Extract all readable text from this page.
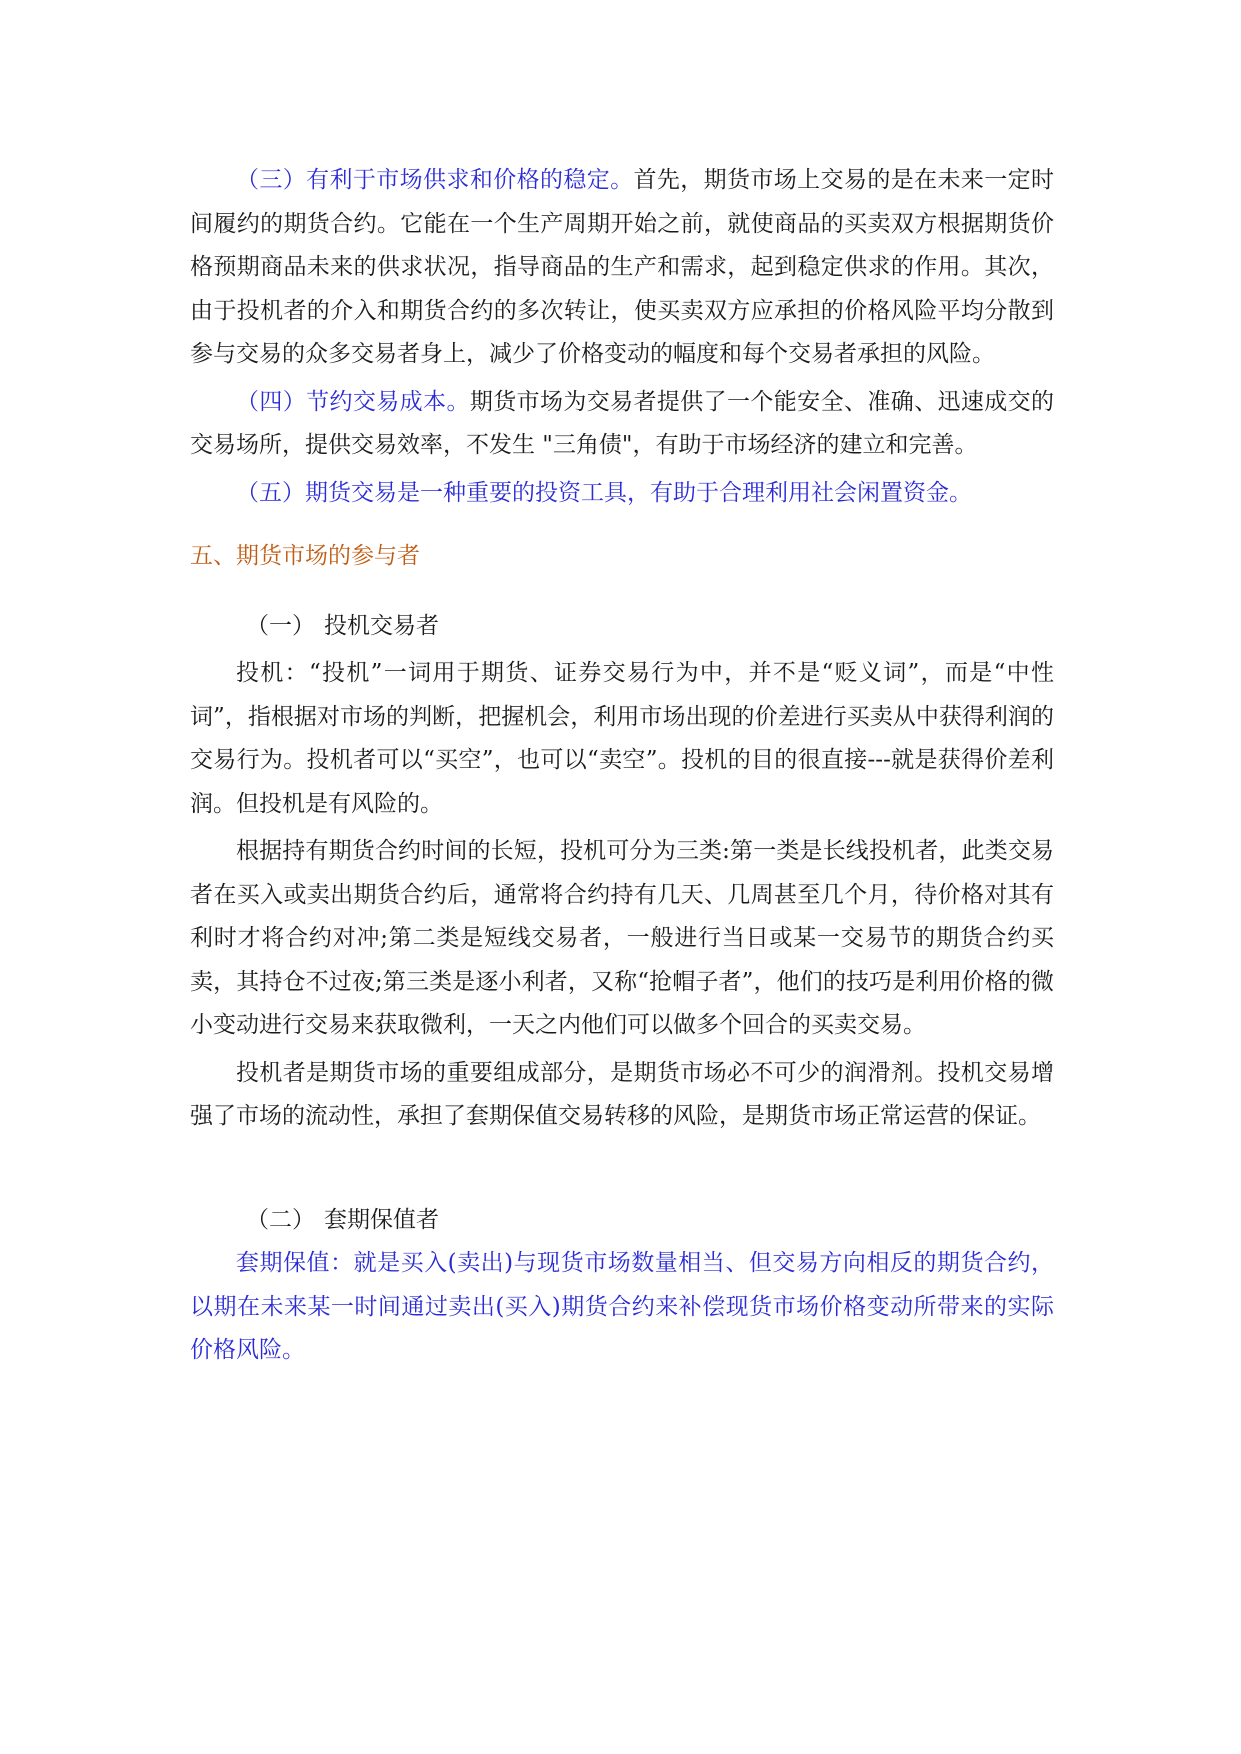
（三）有利于市场供求和价格的稳定。首先，期货市场上交易的是在未来一定时间履约的期货合约。它能在一个生产周期开始之前，就使商品的买卖双方根据期货价格预期商品未来的供求状况，指导商品的生产和需求，起到稳定供求的作用。其次，由于投机者的介入和期货合约的多次转让，使买卖双方应承担的价格风险平均分散到参与交易的众多交易者身上，减少了价格变动的幅度和每个交易者承担的风险。

（四）节约交易成本。期货市场为交易者提供了一个能安全、准确、迅速成交的交易场所，提供交易效率，不发生 "三角债"，有助于市场经济的建立和完善。

（五）期货交易是一种重要的投资工具，有助于合理利用社会闲置资金。

五、期货市场的参与者

（一） 投机交易者

投机：“投机”一词用于期货、证券交易行为中，并不是“贬义词”，而是“中性词”，指根据对市场的判断，把握机会，利用市场出现的价差进行买卖从中获得利润的交易行为。投机者可以“买空”，也可以“卖空”。投机的目的很直接---就是获得价差利润。但投机是有风险的。

根据持有期货合约时间的长短，投机可分为三类:第一类是长线投机者，此类交易者在买入或卖出期货合约后，通常将合约持有几天、几周甚至几个月，待价格对其有利时才将合约对冲;第二类是短线交易者，一般进行当日或某一交易节的期货合约买卖，其持仓不过夜;第三类是逐小利者，又称“抢帽子者”，他们的技巧是利用价格的微小变动进行交易来获取微利，一天之内他们可以做多个回合的买卖交易。

投机者是期货市场的重要组成部分，是期货市场必不可少的润滑剂。投机交易增强了市场的流动性，承担了套期保值交易转移的风险，是期货市场正常运营的保证。

（二） 套期保值者

套期保值：就是买入(卖出)与现货市场数量相当、但交易方向相反的期货合约，以期在未来某一时间通过卖出(买入)期货合约来补偿现货市场价格变动所带来的实际价格风险。
